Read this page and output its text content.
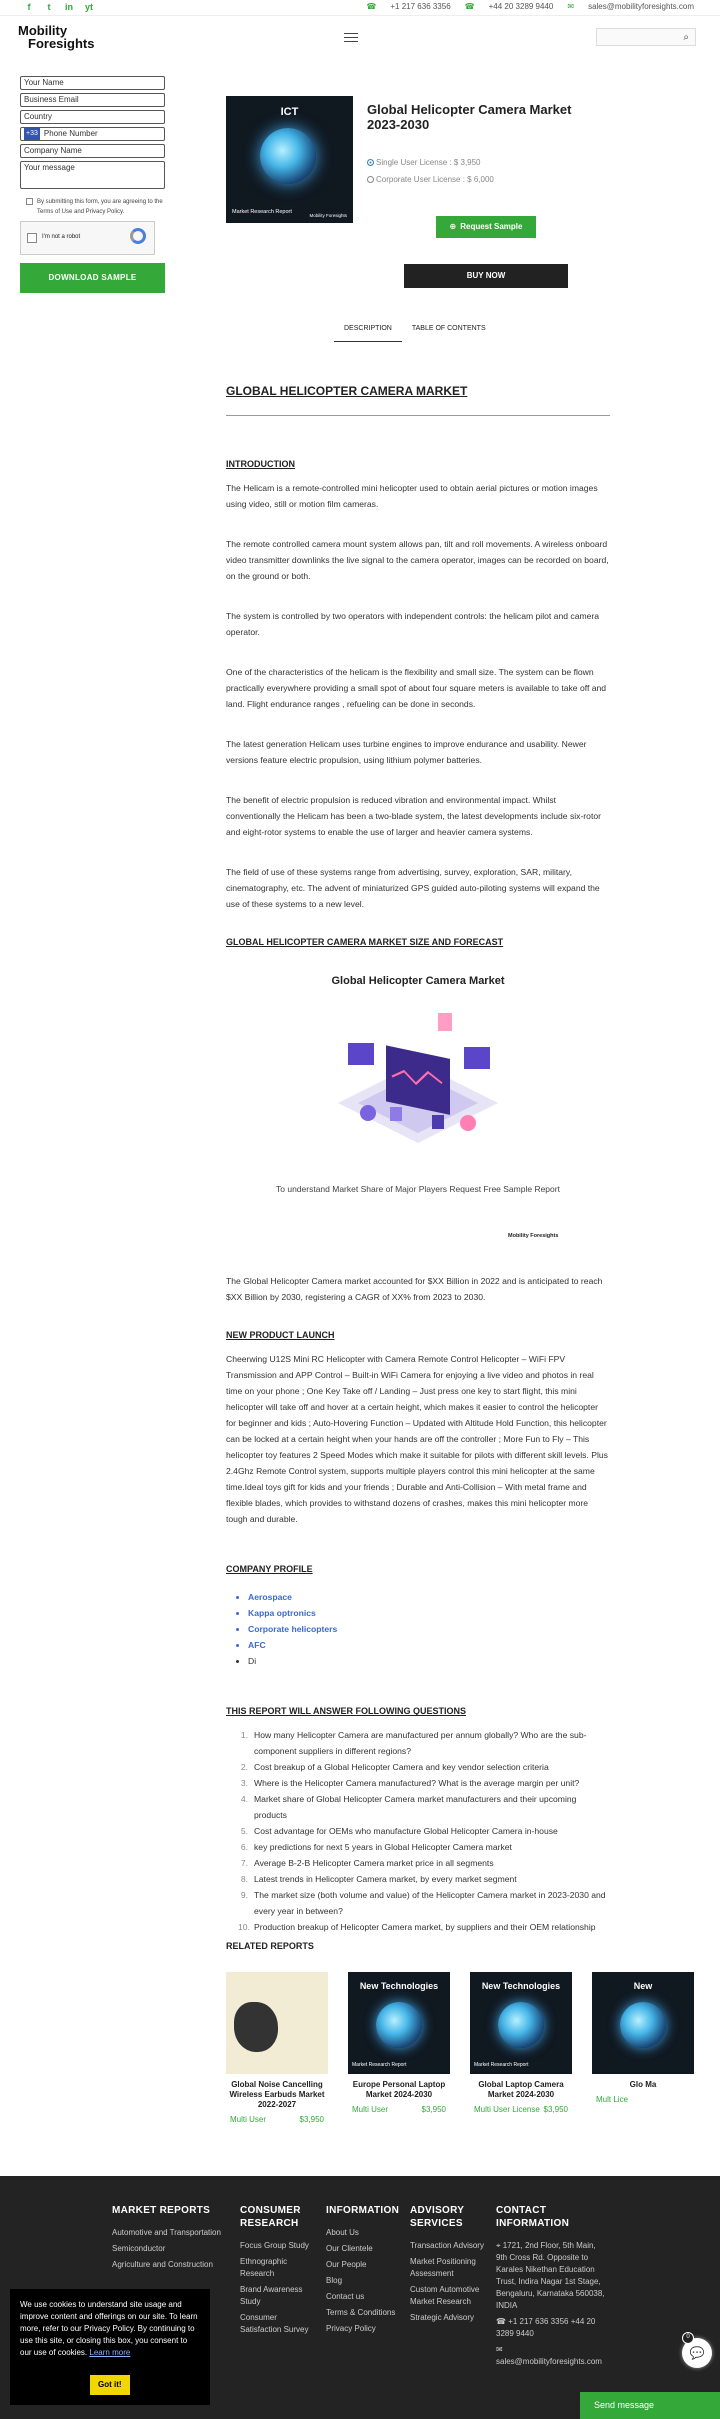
f	t	in yt	☎ +1 217 636 3356 ☎ +44 20 3289 9440 ✉ sales@mobilityforesights.com
Mobility
Foresights	⌕
Your Name
Business Email
Country
+33 Phone Number
Company Name
Your message
By submitting this form, you are agreeing to the Terms of Use and Privacy Policy.
I'm not a robot
DOWNLOAD SAMPLE
ICT
Market Research Report
Mobility Foresights
Global Helicopter Camera Market 2023-2030
Single User License : $ 3,950
Corporate User License : $ 6,000
⊕ Request Sample
BUY NOW
DESCRIPTION	TABLE OF CONTENTS
GLOBAL HELICOPTER CAMERA MARKET
INTRODUCTION

The Helicam is a remote-controlled mini helicopter used to obtain aerial pictures or motion images using video, still or motion film cameras.

The remote controlled camera mount system allows pan, tilt and roll movements. A wireless onboard video transmitter downlinks the live signal to the camera operator, images can be recorded on board, on the ground or both.

The system is controlled by two operators with independent controls: the helicam pilot and camera operator.

One of the characteristics of the helicam is the flexibility and small size. The system can be flown practically everywhere providing a small spot of about four square meters is available to take off and land. Flight endurance ranges , refueling can be done in seconds.

The latest generation Helicam uses turbine engines to improve endurance and usability. Newer versions feature electric propulsion, using lithium polymer batteries.

The benefit of electric propulsion is reduced vibration and environmental impact. Whilst conventionally the Helicam has been a two-blade system, the latest developments include six-rotor and eight-rotor systems to enable the use of larger and heavier camera systems.

The field of use of these systems range from advertising, survey, exploration, SAR, military, cinematography, etc. The advent of miniaturized GPS guided auto-piloting systems will expand the use of these systems to a new level.

GLOBAL HELICOPTER CAMERA MARKET SIZE AND FORECAST
Global Helicopter Camera Market
To understand Market Share of Major Players Request Free Sample Report
Mobility Foresights

The Global Helicopter Camera market accounted for $XX Billion in 2022 and is anticipated to reach $XX Billion by 2030, registering a CAGR of XX% from 2023 to 2030.

NEW PRODUCT LAUNCH

Cheerwing U12S Mini RC Helicopter with Camera Remote Control Helicopter – WiFi FPV Transmission and APP Control – Built-in WiFi Camera for enjoying a live video and photos in real time on your phone ; One Key Take off / Landing – Just press one key to start flight, this mini helicopter will take off and hover at a certain height, which makes it easier to control the helicopter for beginner and kids ; Auto-Hovering Function – Updated with Altitude Hold Function, this helicopter can be locked at a certain height when your hands are off the controller ; More Fun to Fly – This helicopter toy features 2 Speed Modes which make it suitable for pilots with different skill levels. Plus 2.4Ghz Remote Control system, supports multiple players control this mini helicopter at the same time.Ideal toys gift for kids and your friends ; Durable and Anti-Collision – With metal frame and flexible blades, which provides to withstand dozens of crashes, makes this mini helicopter more tough and durable.

COMPANY PROFILE
• Aerospace
• Kappa optronics
• Corporate helicopters
• AFC
• Di
THIS REPORT WILL ANSWER FOLLOWING QUESTIONS
1. How many Helicopter Camera are manufactured per annum globally? Who are the sub-component suppliers in different regions?
2. Cost breakup of a Global Helicopter Camera and key vendor selection criteria
3. Where is the Helicopter Camera manufactured? What is the average margin per unit?
4. Market share of Global Helicopter Camera market manufacturers and their upcoming products
5. Cost advantage for OEMs who manufacture Global Helicopter Camera in-house
6. key predictions for next 5 years in Global Helicopter Camera market
7. Average B-2-B Helicopter Camera market price in all segments
8. Latest trends in Helicopter Camera market, by every market segment
9. The market size (both volume and value) of the Helicopter Camera market in 2023-2030 and every year in between?
10. Production breakup of Helicopter Camera market, by suppliers and their OEM relationship
RELATED REPORTS
Global Noise Cancelling Wireless Earbuds Market 2022-2027
Multi User	$3,950
New Technologies
Market Research Report
Europe Personal Laptop Market 2024-2030
Multi User	$3,950
New Technologies
Market Research Report
Global Laptop Camera Market 2024-2030
Multi User License $3,950
New
Glo Ma
Mult Lice
MARKET REPORTS
Automotive and Transportation
Semiconductor
Agriculture and Construction
CONSUMER RESEARCH
Focus Group Study
Ethnographic Research
Brand Awareness Study
Consumer Satisfaction Survey
INFORMATION
About Us
Our Clientele
Our People
Blog
Contact us
Terms & Conditions
Privacy Policy
ADVISORY SERVICES
Transaction Advisory
Market Positioning Assessment
Custom Automotive Market Research
Strategic Advisory
CONTACT INFORMATION
⌖ 1721, 2nd Floor, 5th Main, 9th Cross Rd. Opposite to Karales Nikethan Education Trust, Indira Nagar 1st Stage, Bengaluru, Karnataka 560038, INDIA
☎ +1 217 636 3356 +44 20 3289 9440
✉ sales@mobilityforesights.com
We use cookies to understand site usage and improve content and offerings on our site. To learn more, refer to our Privacy Policy. By continuing to use this site, or closing this box, you consent to our use of cookies. Learn more
Got it!
💬
0
Send message
